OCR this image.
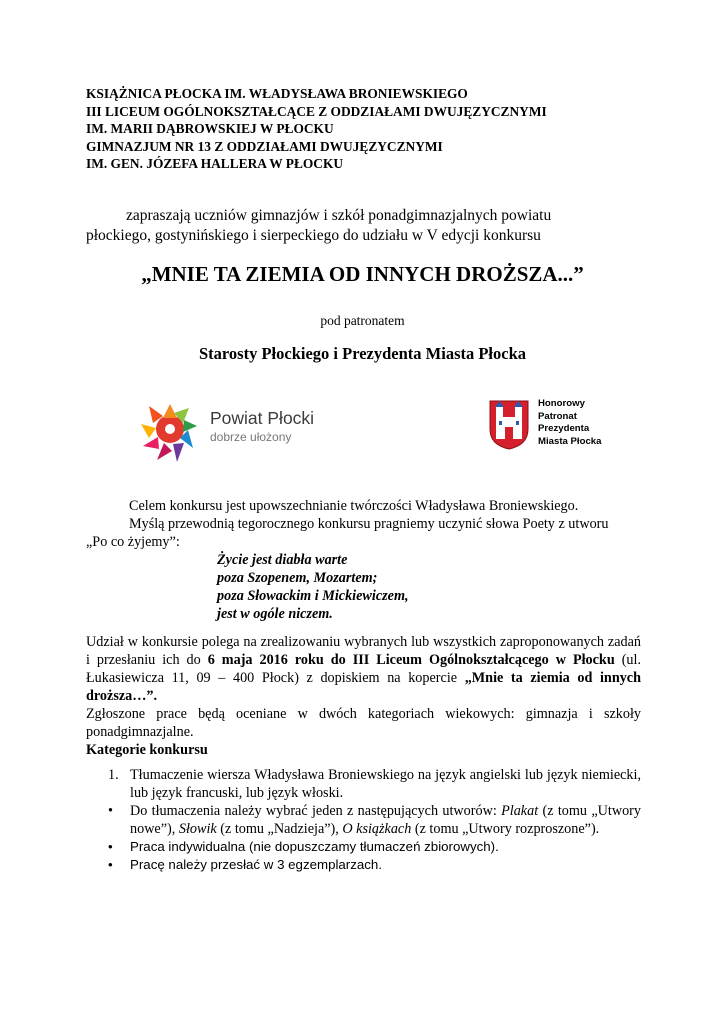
KSIĄŻNICA PŁOCKA IM. WŁADYSŁAWA BRONIEWSKIEGO
III LICEUM OGÓLNOKSZTAŁCĄCE Z ODDZIAŁAMI DWUJĘZYCZNYMI
IM. MARII DĄBROWSKIEJ W PŁOCKU
GIMNAZJUM NR 13 Z ODDZIAŁAMI DWUJĘZYCZNYMI
IM. GEN. JÓZEFA HALLERA W PŁOCKU
zapraszają uczniów gimnazjów i szkół ponadgimnazjalnych powiatu
płockiego, gostynińskiego i sierpeckiego do udziału w V edycji konkursu
„MNIE TA ZIEMIA OD INNYCH DROŻSZA...”
pod patronatem
Starosty Płockiego i Prezydenta Miasta Płocka
Powiat Płocki
dobrze ułożony
Honorowy
Patronat
Prezydenta
Miasta Płocka
Celem konkursu jest upowszechnianie twórczości Władysława Broniewskiego.
Myślą przewodnią tegorocznego konkursu pragniemy uczynić słowa Poety z utworu
„Po co żyjemy”:
Życie jest diabła warte
poza Szopenem, Mozartem;
poza Słowackim i Mickiewiczem,
jest w ogóle niczem.
Udział w konkursie polega na zrealizowaniu wybranych lub wszystkich zaproponowanych zadań i przesłaniu ich do 6 maja 2016 roku do III Liceum Ogólnokształcącego w Płocku (ul. Łukasiewicza 11, 09 – 400 Płock) z dopiskiem na kopercie „Mnie ta ziemia od innych droższa…”.
Zgłoszone prace będą oceniane w dwóch kategoriach wiekowych: gimnazja i szkoły ponadgimnazjalne.
Kategorie konkursu
1. Tłumaczenie wiersza Władysława Broniewskiego na język angielski lub język niemiecki, lub język francuski, lub język włoski.
• Do tłumaczenia należy wybrać jeden z następujących utworów: Plakat (z tomu „Utwory nowe”), Słowik (z tomu „Nadzieja”), O książkach (z tomu „Utwory rozproszone”).
• Praca indywidualna (nie dopuszczamy tłumaczeń zbiorowych).
• Pracę należy przesłać w 3 egzemplarzach.
